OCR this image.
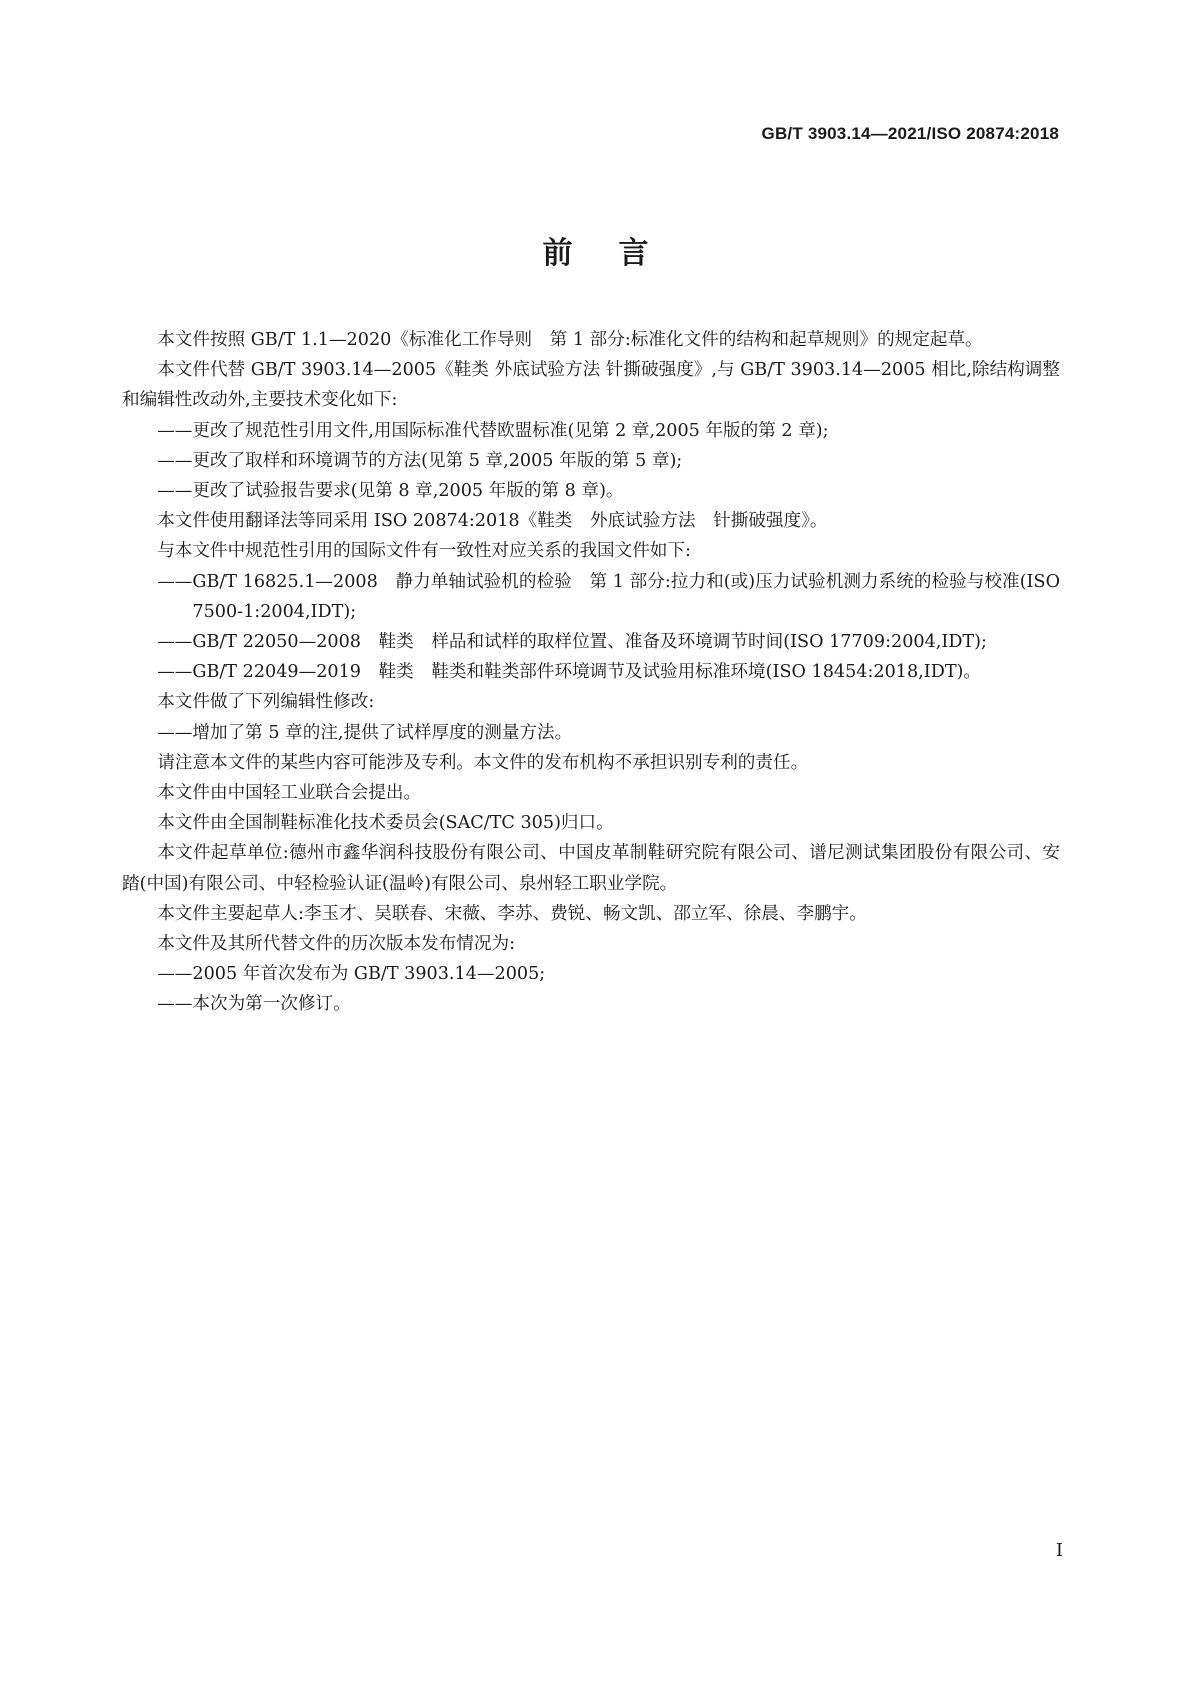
GB/T 3903.14—2021/ISO 20874:2018
前言

本文件按照 GB/T 1.1—2020《标准化工作导则　第 1 部分:标准化文件的结构和起草规则》的规定起草。

本文件代替 GB/T 3903.14—2005《鞋类 外底试验方法 针撕破强度》,与 GB/T 3903.14—2005 相比,除结构调整和编辑性改动外,主要技术变化如下:

——更改了规范性引用文件,用国际标准代替欧盟标准(见第 2 章,2005 年版的第 2 章);

——更改了取样和环境调节的方法(见第 5 章,2005 年版的第 5 章);

——更改了试验报告要求(见第 8 章,2005 年版的第 8 章)。

本文件使用翻译法等同采用 ISO 20874:2018《鞋类　外底试验方法　针撕破强度》。

与本文件中规范性引用的国际文件有一致性对应关系的我国文件如下:

——GB/T 16825.1—2008　静力单轴试验机的检验　第 1 部分:拉力和(或)压力试验机测力系统的检验与校准(ISO 7500-1:2004,IDT);

——GB/T 22050—2008　鞋类　样品和试样的取样位置、准备及环境调节时间(ISO 17709:2004,IDT);

——GB/T 22049—2019　鞋类　鞋类和鞋类部件环境调节及试验用标准环境(ISO 18454:2018,IDT)。

本文件做了下列编辑性修改:

——增加了第 5 章的注,提供了试样厚度的测量方法。

请注意本文件的某些内容可能涉及专利。本文件的发布机构不承担识别专利的责任。

本文件由中国轻工业联合会提出。

本文件由全国制鞋标准化技术委员会(SAC/TC 305)归口。

本文件起草单位:德州市鑫华润科技股份有限公司、中国皮革制鞋研究院有限公司、谱尼测试集团股份有限公司、安踏(中国)有限公司、中轻检验认证(温岭)有限公司、泉州轻工职业学院。

本文件主要起草人:李玉才、吴联春、宋薇、李苏、费锐、畅文凯、邵立军、徐晨、李鹏宇。

本文件及其所代替文件的历次版本发布情况为:

——2005 年首次发布为 GB/T 3903.14—2005;

——本次为第一次修订。

I
